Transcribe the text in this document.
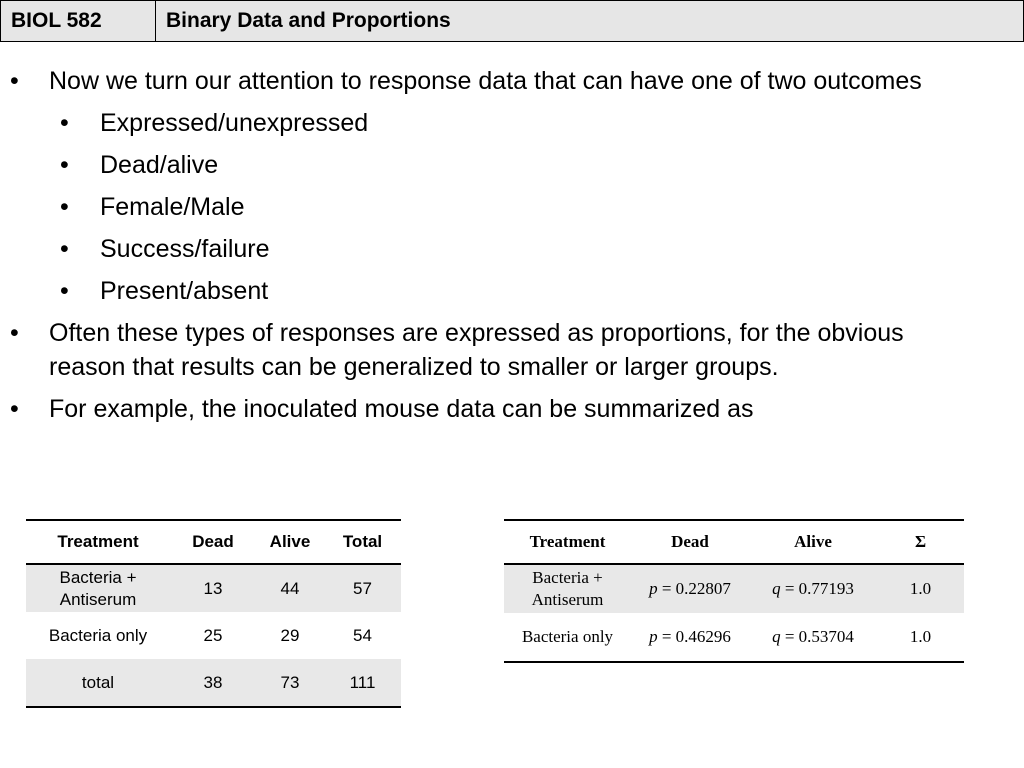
BIOL 582	Binary Data and Proportions
• Now we turn our attention to response data that can have one of two outcomes
• Expressed/unexpressed
• Dead/alive
• Female/Male
• Success/failure
• Present/absent
• Often these types of responses are expressed as proportions, for the obvious reason that results can be generalized to smaller or larger groups.
• For example, the inoculated mouse data can be summarized as
Treatment	Dead	Alive	Total
Bacteria + Antiserum	13	44	57
Bacteria only	25	29	54
total	38	73	111
Treatment	Dead	Alive	Σ
Bacteria + Antiserum	p = 0.22807	q = 0.77193	1.0
Bacteria only	p = 0.46296	q = 0.53704	1.0
